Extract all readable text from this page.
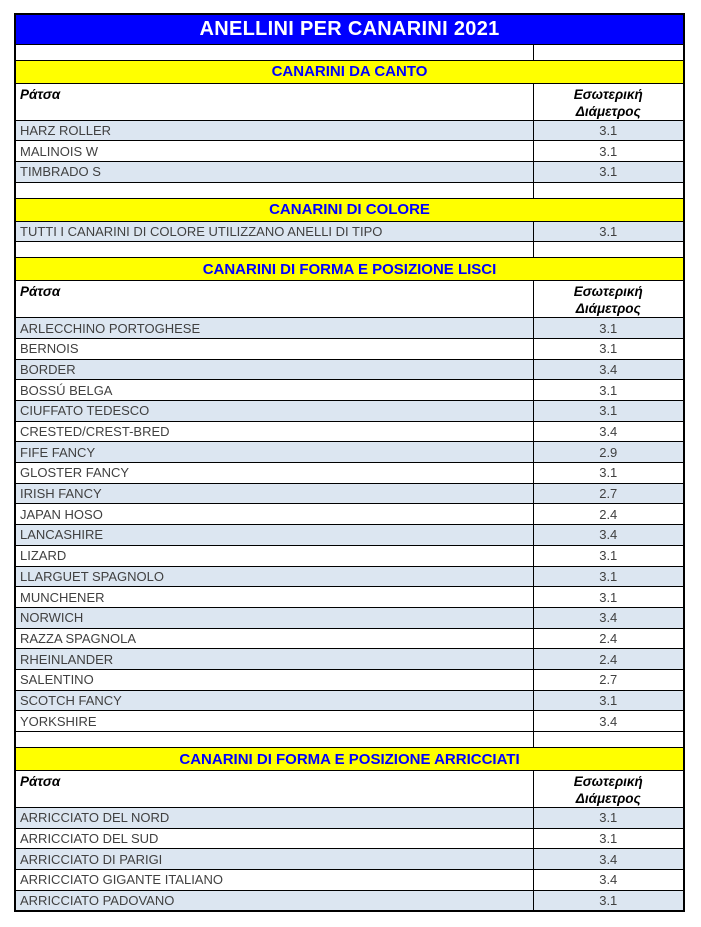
ANELLINI PER CANARINI 2021	

CANARINI DA CANTO	
Ράτσα	Εσωτερική
Διάμετρος

HARZ ROLLER	3.1
MALINOIS W	3.1
TIMBRADO S	3.1

CANARINI DI COLORE	
TUTTI I CANARINI DI COLORE UTILIZZANO ANELLI DI TIPO	3.1

CANARINI DI FORMA E POSIZIONE LISCI	
Ράτσα	Εσωτερική
Διάμετρος

ARLECCHINO PORTOGHESE	3.1
BERNOIS	3.1
BORDER	3.4
BOSSÚ BELGA	3.1
CIUFFATO TEDESCO	3.1
CRESTED/CREST-BRED	3.4
FIFE FANCY	2.9
GLOSTER FANCY	3.1
IRISH FANCY	2.7
JAPAN HOSO	2.4
LANCASHIRE	3.4
LIZARD	3.1
LLARGUET SPAGNOLO	3.1
MUNCHENER	3.1
NORWICH	3.4
RAZZA SPAGNOLA	2.4
RHEINLANDER	2.4
SALENTINO	2.7
SCOTCH FANCY	3.1
YORKSHIRE	3.4

CANARINI DI FORMA E POSIZIONE ARRICCIATI	
Ράτσα	Εσωτερική
Διάμετρος

ARRICCIATO DEL NORD	3.1
ARRICCIATO DEL SUD	3.1
ARRICCIATO DI PARIGI	3.4
ARRICCIATO GIGANTE ITALIANO	3.4
ARRICCIATO PADOVANO	3.1
